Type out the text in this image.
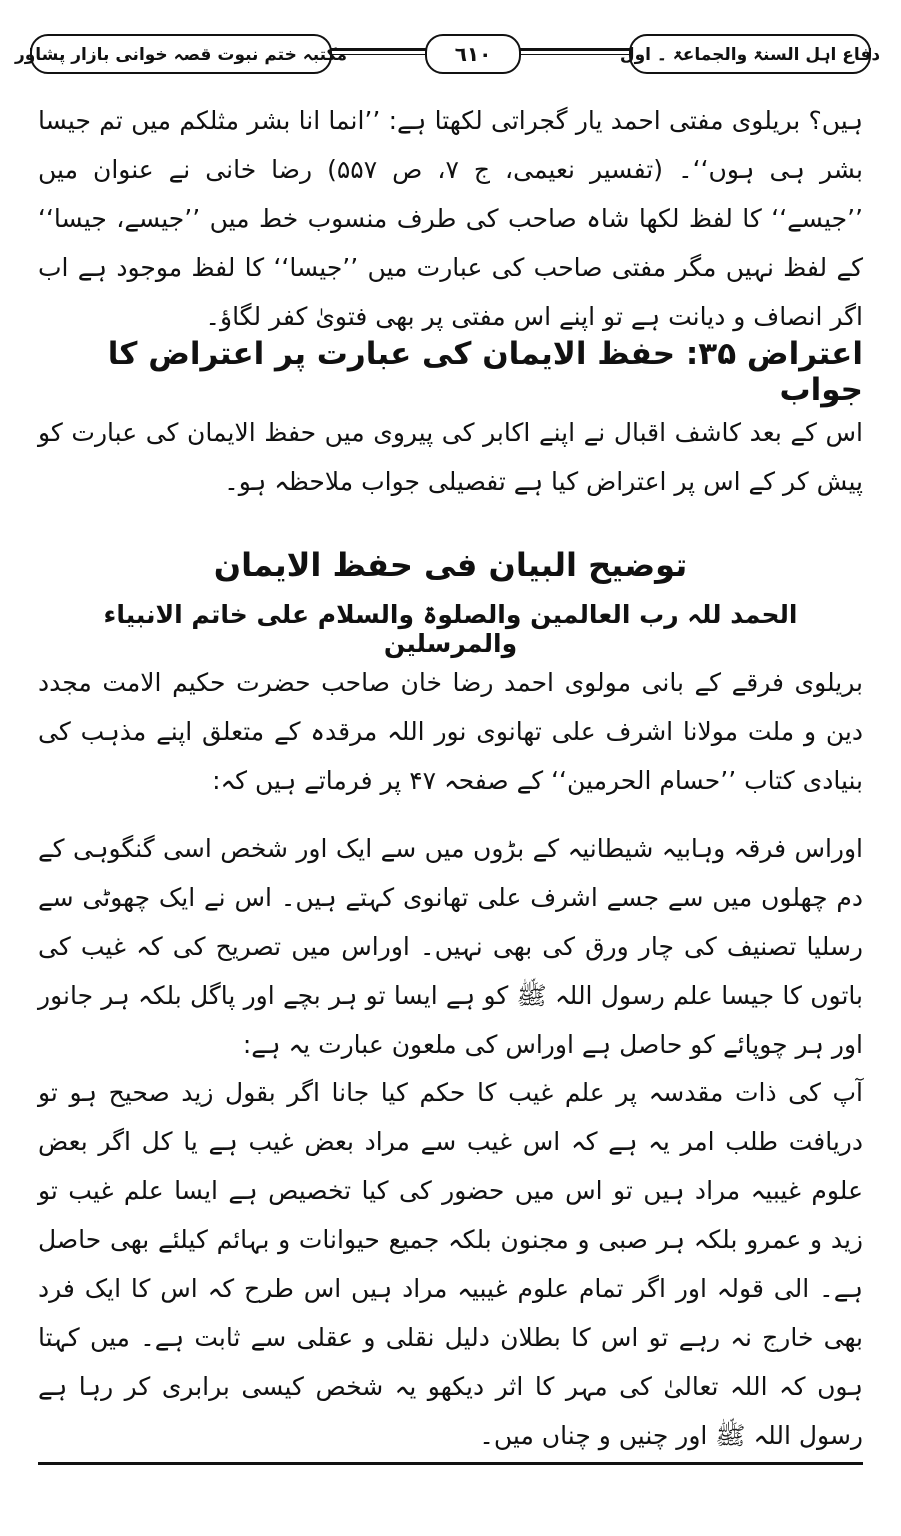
دفاع اہل السنۃ والجماعۃ ۔ اول
٦١٠
مکتبہ ختم نبوت قصہ خوانی بازار پشاور

ہیں؟ بریلوی مفتی احمد یار گجراتی لکھتا ہے: ’’انما انا بشر مثلکم میں تم جیسا بشر ہی ہوں‘‘۔ (تفسیر نعیمی، ج ۷، ص ۵۵۷) رضا خانی نے عنوان میں ’’جیسے‘‘ کا لفظ لکھا شاہ صاحب کی طرف منسوب خط میں ’’جیسے، جیسا‘‘ کے لفظ نہیں مگر مفتی صاحب کی عبارت میں ’’جیسا‘‘ کا لفظ موجود ہے اب اگر انصاف و دیانت ہے تو اپنے اس مفتی پر بھی فتویٰ کفر لگاؤ۔

اعتراض ۳۵: حفظ الایمان کی عبارت پر اعتراض کا جواب

اس کے بعد کاشف اقبال نے اپنے اکابر کی پیروی میں حفظ الایمان کی عبارت کو پیش کر کے اس پر اعتراض کیا ہے تفصیلی جواب ملاحظہ ہو۔

توضیح البیان فی حفظ الایمان
الحمد للہ رب العالمین والصلوۃ والسلام علی خاتم الانبیاء والمرسلین

بریلوی فرقے کے بانی مولوی احمد رضا خان صاحب حضرت حکیم الامت مجدد دین و ملت مولانا اشرف علی تھانوی نور اللہ مرقدہ کے متعلق اپنے مذہب کی بنیادی کتاب ’’حسام الحرمین‘‘ کے صفحہ ۴۷ پر فرماتے ہیں کہ:

اوراس فرقہ وہابیہ شیطانیہ کے بڑوں میں سے ایک اور شخص اسی گنگوہی کے دم چھلوں میں سے جسے اشرف علی تھانوی کہتے ہیں۔ اس نے ایک چھوٹی سے رسلیا تصنیف کی چار ورق کی بھی نہیں۔ اوراس میں تصریح کی کہ غیب کی باتوں کا جیسا علم رسول اللہ ﷺ کو ہے ایسا تو ہر بچے اور پاگل بلکہ ہر جانور اور ہر چوپائے کو حاصل ہے اوراس کی ملعون عبارت یہ ہے:

آپ کی ذات مقدسہ پر علم غیب کا حکم کیا جانا اگر بقول زید صحیح ہو تو دریافت طلب امر یہ ہے کہ اس غیب سے مراد بعض غیب ہے یا کل اگر بعض علوم غیبیہ مراد ہیں تو اس میں حضور کی کیا تخصیص ہے ایسا علم غیب تو زید و عمرو بلکہ ہر صبی و مجنون بلکہ جمیع حیوانات و بہائم کیلئے بھی حاصل ہے۔ الی قولہ اور اگر تمام علوم غیبیہ مراد ہیں اس طرح کہ اس کا ایک فرد بھی خارج نہ رہے تو اس کا بطلان دلیل نقلی و عقلی سے ثابت ہے۔ میں کہتا ہوں کہ اللہ تعالیٰ کی مہر کا اثر دیکھو یہ شخص کیسی برابری کر رہا ہے رسول اللہ ﷺ اور چنیں و چناں میں۔
